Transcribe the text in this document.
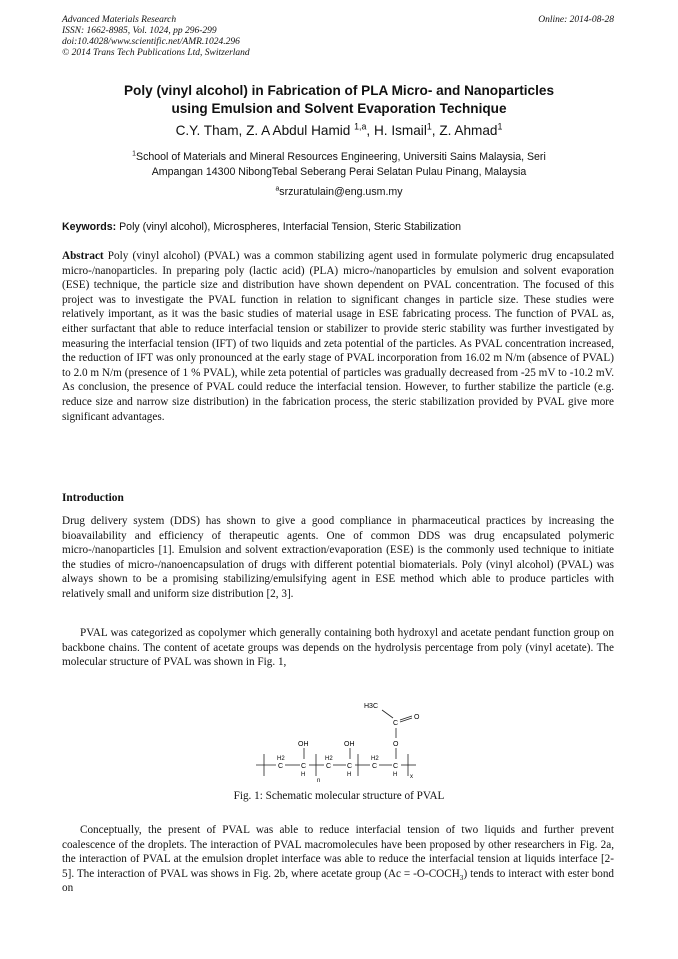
Advanced Materials Research
ISSN: 1662-8985, Vol. 1024, pp 296-299
doi:10.4028/www.scientific.net/AMR.1024.296
© 2014 Trans Tech Publications Ltd, Switzerland
Online: 2014-08-28
Poly (vinyl alcohol) in Fabrication of PLA Micro- and Nanoparticles
using Emulsion and Solvent Evaporation Technique
C.Y. Tham, Z. A Abdul Hamid $^{1,a}$, H. Ismail$^1$, Z. Ahmad$^1$
$^1$School of Materials and Mineral Resources Engineering, Universiti Sains Malaysia, Seri
Ampangan 14300 NibongTebal Seberang Perai Selatan Pulau Pinang, Malaysia
$^a$srzuratulain@eng.usm.my
Keywords: Poly (vinyl alcohol), Microspheres, Interfacial Tension, Steric Stabilization
Abstract Poly (vinyl alcohol) (PVAL) was a common stabilizing agent used in formulate polymeric drug encapsulated micro-/nanoparticles. In preparing poly (lactic acid) (PLA) micro-/nanoparticles by emulsion and solvent evaporation (ESE) technique, the particle size and distribution have shown dependent on PVAL concentration. The focused of this project was to investigate the PVAL function in relation to significant changes in particle size. These studies were relatively important, as it was the basic studies of material usage in ESE fabricating process. The function of PVAL as, either surfactant that able to reduce interfacial tension or stabilizer to provide steric stability was further investigated by measuring the interfacial tension (IFT) of two liquids and zeta potential of the particles. As PVAL concentration increased, the reduction of IFT was only pronounced at the early stage of PVAL incorporation from 16.02 m N/m (absence of PVAL) to 2.0 m N/m (presence of 1 % PVAL), while zeta potential of particles was gradually decreased from -25 mV to -10.2 mV. As conclusion, the presence of PVAL could reduce the interfacial tension. However, to further stabilize the particle (e.g. reduce size and narrow size distribution) in the fabrication process, the steric stabilization provided by PVAL give more significant advantages.
Introduction
Drug delivery system (DDS) has shown to give a good compliance in pharmaceutical practices by increasing the bioavailability and efficiency of therapeutic agents. One of common DDS was drug encapsulated polymeric micro-/nanoparticles [1]. Emulsion and solvent extraction/evaporation (ESE) is the commonly used technique to initiate the studies of micro-/nanoencapsulation of drugs with different potential biomaterials. Poly (vinyl alcohol) (PVAL) was always shown to be a promising stabilizing/emulsifying agent in ESE method which able to produce particles with relatively small and uniform size distribution [2, 3].
PVAL was categorized as copolymer which generally containing both hydroxyl and acetate pendant function group on backbone chains. The content of acetate groups was depends on the hydrolysis percentage from poly (vinyl acetate). The molecular structure of PVAL was shown in Fig. 1,
H3C
C
O
O
OH	OH
H2
C	C
H
H2
C C
H
H2
C C
H
n
x
Fig. 1: Schematic molecular structure of PVAL
Conceptually, the present of PVAL was able to reduce interfacial tension of two liquids and further prevent coalescence of the droplets. The interaction of PVAL macromolecules have been proposed by other researchers in Fig. 2a, the interaction of PVAL at the emulsion droplet interface was able to reduce the interfacial tension at liquids interface [2-5]. The interaction of PVAL was shows in Fig. 2b, where acetate group $(Ac = -O-COCH_3)$ tends to interact with ester bond on
